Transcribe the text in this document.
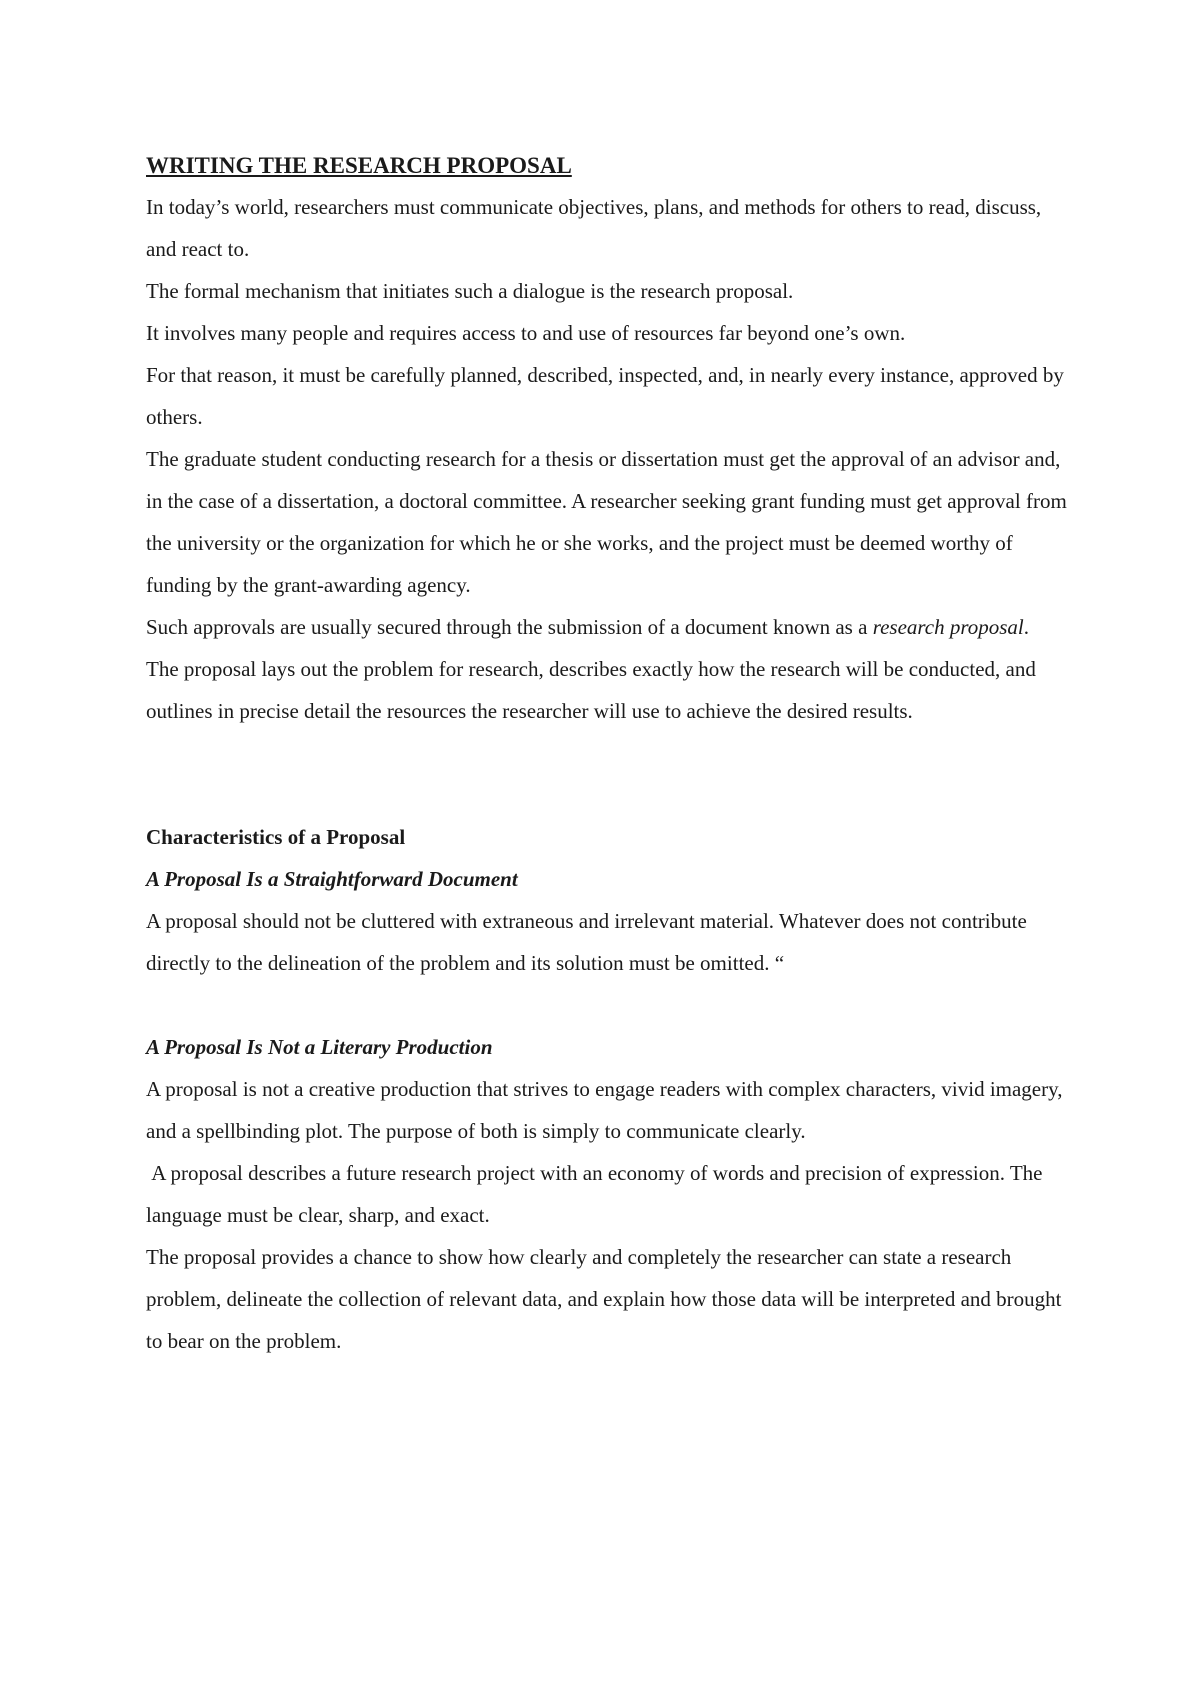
WRITING THE RESEARCH PROPOSAL

In today’s world, researchers must communicate objectives, plans, and methods for others to read, discuss, and react to.

The formal mechanism that initiates such a dialogue is the research proposal.

It involves many people and requires access to and use of resources far beyond one’s own.

For that reason, it must be carefully planned, described, inspected, and, in nearly every instance, approved by others.

The graduate student conducting research for a thesis or dissertation must get the approval of an advisor and, in the case of a dissertation, a doctoral committee. A researcher seeking grant funding must get approval from the university or the organization for which he or she works, and the project must be deemed worthy of funding by the grant-awarding agency.

Such approvals are usually secured through the submission of a document known as a research proposal.

The proposal lays out the problem for research, describes exactly how the research will be conducted, and outlines in precise detail the resources the researcher will use to achieve the desired results.

Characteristics of a Proposal
A Proposal Is a Straightforward Document

A proposal should not be cluttered with extraneous and irrelevant material. Whatever does not contribute directly to the delineation of the problem and its solution must be omitted. “

A Proposal Is Not a Literary Production

A proposal is not a creative production that strives to engage readers with complex characters, vivid imagery, and a spellbinding plot. The purpose of both is simply to communicate clearly.

A proposal describes a future research project with an economy of words and precision of expression. The language must be clear, sharp, and exact.

The proposal provides a chance to show how clearly and completely the researcher can state a research problem, delineate the collection of relevant data, and explain how those data will be interpreted and brought to bear on the problem.
